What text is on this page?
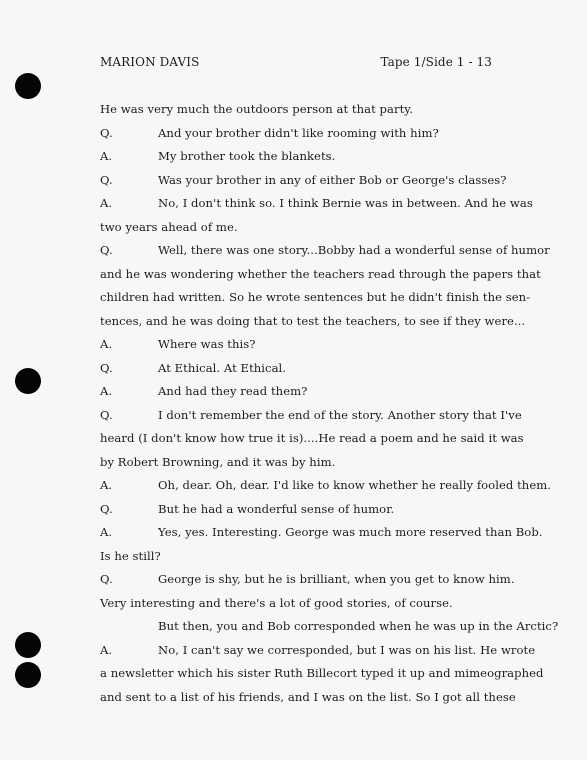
MARION DAVIS	Tape 1/Side 1 - 13
He was very much the outdoors person at that party.
Q.	And your brother didn't like rooming with him?
A.	My brother took the blankets.
Q.	Was your brother in any of either Bob or George's classes?
A.	No, I don't think so. I think Bernie was in between. And he was
two years ahead of me.
Q.	Well, there was one story...Bobby had a wonderful sense of humor
and he was wondering whether the teachers read through the papers that
children had written. So he wrote sentences but he didn't finish the sen-
tences, and he was doing that to test the teachers, to see if they were...
A.	Where was this?
Q.	At Ethical. At Ethical.
A.	And had they read them?
Q.	I don't remember the end of the story. Another story that I've
heard (I don't know how true it is)....He read a poem and he said it was
by Robert Browning, and it was by him.
A.	Oh, dear. Oh, dear. I'd like to know whether he really fooled them.
Q.	But he had a wonderful sense of humor.
A.	Yes, yes. Interesting. George was much more reserved than Bob.
Is he still?
Q.	George is shy, but he is brilliant, when you get to know him.
Very interesting and there's a lot of good stories, of course.
But then, you and Bob corresponded when he was up in the Arctic?
A.	No, I can't say we corresponded, but I was on his list. He wrote
a newsletter which his sister Ruth Billecort typed it up and mimeographed
and sent to a list of his friends, and I was on the list. So I got all these
